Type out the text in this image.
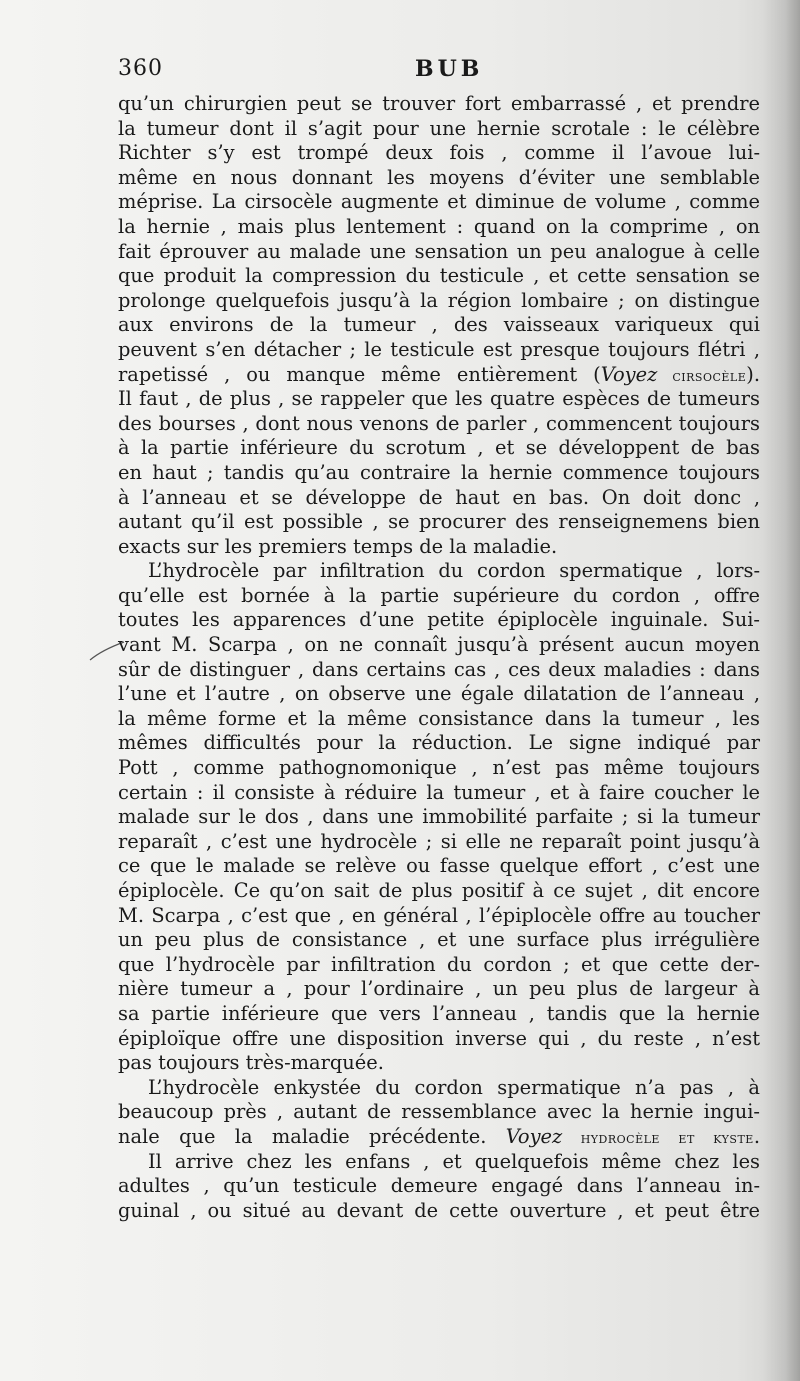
360	BUB
qu’un chirurgien peut se trouver fort embarrassé , et prendre
la tumeur dont il s’agit pour une hernie scrotale : le célèbre
Richter s’y est trompé deux fois , comme il l’avoue lui-
même en nous donnant les moyens d’éviter une semblable
méprise. La cirsocèle augmente et diminue de volume , comme
la hernie , mais plus lentement : quand on la comprime , on
fait éprouver au malade une sensation un peu analogue à celle
que produit la compression du testicule , et cette sensation se
prolonge quelquefois jusqu’à la région lombaire ; on distingue
aux environs de la tumeur , des vaisseaux variqueux qui
peuvent s’en détacher ; le testicule est presque toujours flétri ,
rapetissé , ou manque même entièrement (Voyez cirsocèle).
Il faut , de plus , se rappeler que les quatre espèces de tumeurs
des bourses , dont nous venons de parler , commencent toujours
à la partie inférieure du scrotum , et se développent de bas
en haut ; tandis qu’au contraire la hernie commence toujours
à l’anneau et se développe de haut en bas. On doit donc ,
autant qu’il est possible , se procurer des renseignemens bien
exacts sur les premiers temps de la maladie.
L’hydrocèle par infiltration du cordon spermatique , lors-
qu’elle est bornée à la partie supérieure du cordon , offre
toutes les apparences d’une petite épiplocèle inguinale. Sui-
vant M. Scarpa , on ne connaît jusqu’à présent aucun moyen
sûr de distinguer , dans certains cas , ces deux maladies : dans
l’une et l’autre , on observe une égale dilatation de l’anneau ,
la même forme et la même consistance dans la tumeur , les
mêmes difficultés pour la réduction. Le signe indiqué par
Pott , comme pathognomonique , n’est pas même toujours
certain : il consiste à réduire la tumeur , et à faire coucher le
malade sur le dos , dans une immobilité parfaite ; si la tumeur
reparaît , c’est une hydrocèle ; si elle ne reparaît point jusqu’à
ce que le malade se relève ou fasse quelque effort , c’est une
épiplocèle. Ce qu’on sait de plus positif à ce sujet , dit encore
M. Scarpa , c’est que , en général , l’épiplocèle offre au toucher
un peu plus de consistance , et une surface plus irrégulière
que l’hydrocèle par infiltration du cordon ; et que cette der-
nière tumeur a , pour l’ordinaire , un peu plus de largeur à
sa partie inférieure que vers l’anneau , tandis que la hernie
épiploïque offre une disposition inverse qui , du reste , n’est
pas toujours très-marquée.
L’hydrocèle enkystée du cordon spermatique n’a pas , à
beaucoup près , autant de ressemblance avec la hernie ingui-
nale que la maladie précédente. Voyez hydrocèle et kyste.
Il arrive chez les enfans , et quelquefois même chez les
adultes , qu’un testicule demeure engagé dans l’anneau in-
guinal , ou situé au devant de cette ouverture , et peut être
